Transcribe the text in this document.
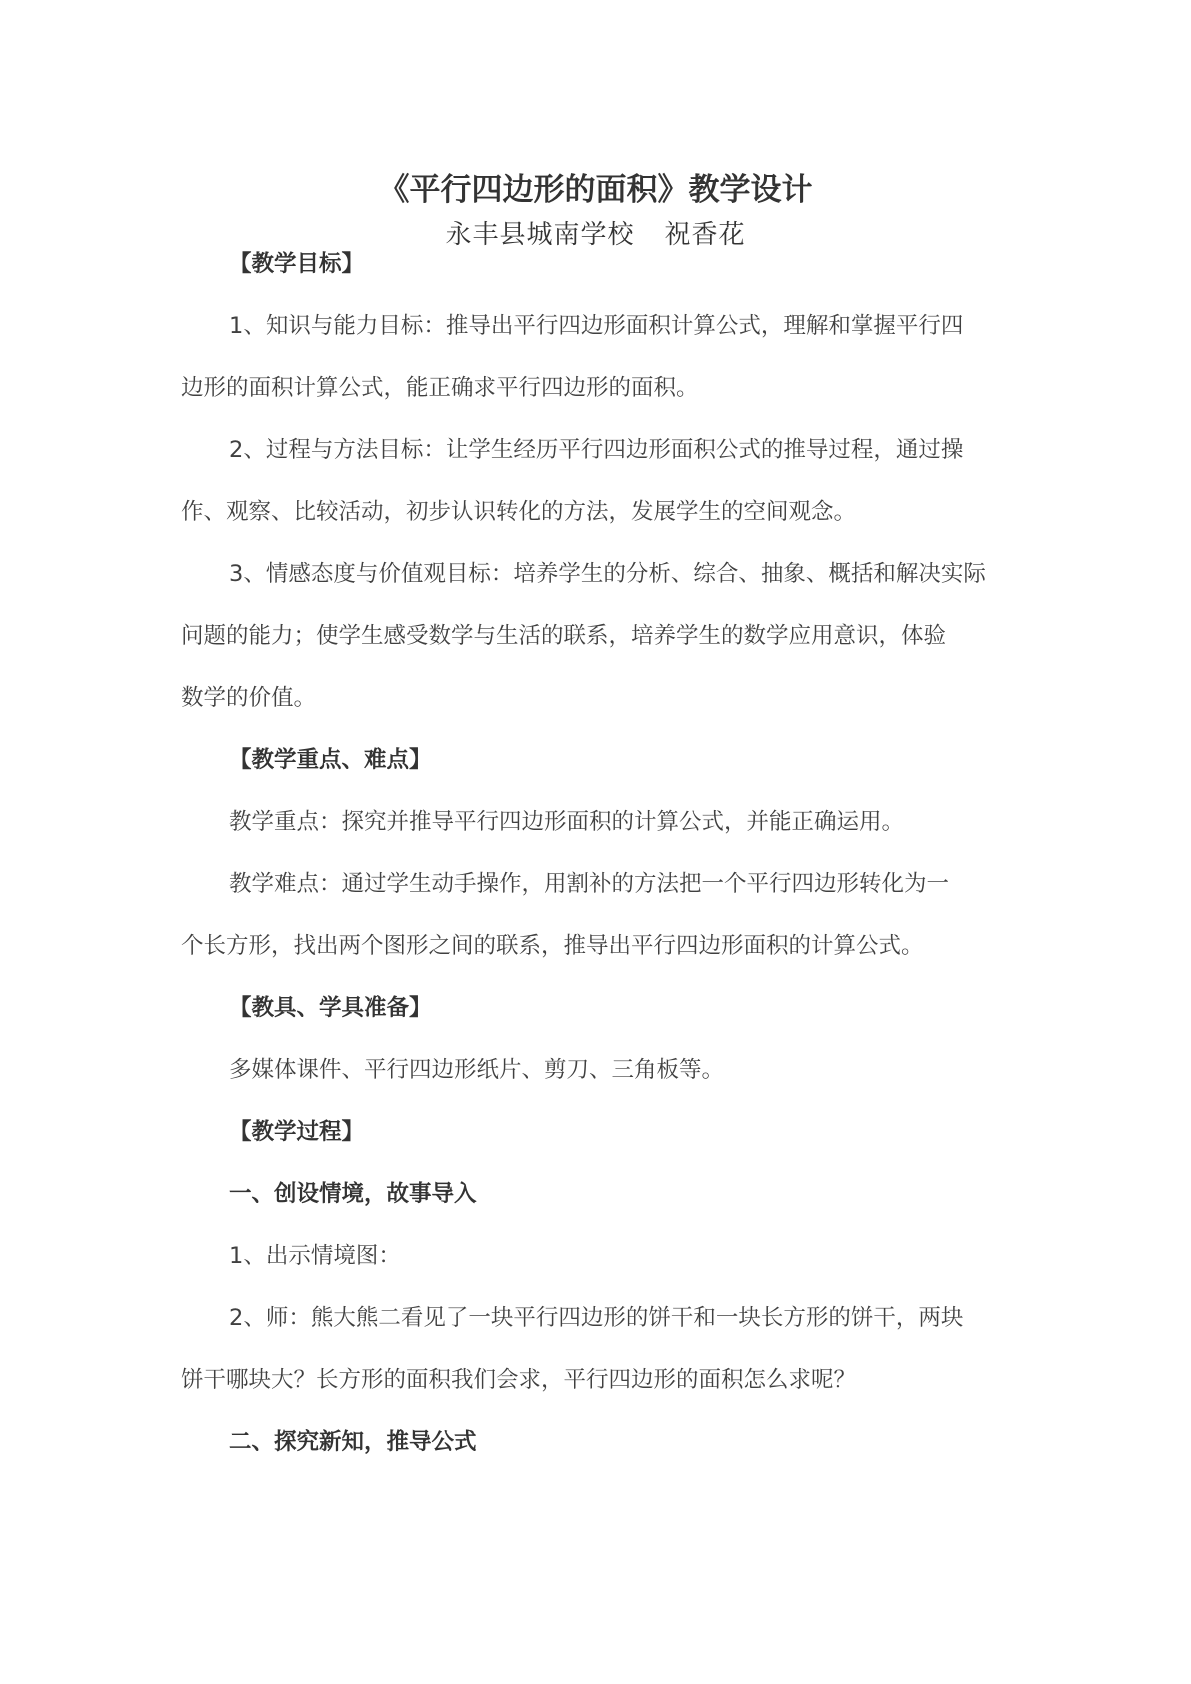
《平行四边形的面积》教学设计
永丰县城南学校 祝香花
【教学目标】
1、知识与能力目标：推导出平行四边形面积计算公式，理解和掌握平行四
边形的面积计算公式，能正确求平行四边形的面积。
2、过程与方法目标：让学生经历平行四边形面积公式的推导过程，通过操
作、观察、比较活动，初步认识转化的方法，发展学生的空间观念。
3、情感态度与价值观目标：培养学生的分析、综合、抽象、概括和解决实际
问题的能力；使学生感受数学与生活的联系，培养学生的数学应用意识，体验
数学的价值。
【教学重点、难点】
教学重点：探究并推导平行四边形面积的计算公式，并能正确运用。
教学难点：通过学生动手操作，用割补的方法把一个平行四边形转化为一
个长方形，找出两个图形之间的联系，推导出平行四边形面积的计算公式。
【教具、学具准备】
多媒体课件、平行四边形纸片、剪刀、三角板等。
【教学过程】
一、创设情境，故事导入
1、出示情境图：
2、师：熊大熊二看见了一块平行四边形的饼干和一块长方形的饼干，两块
饼干哪块大？长方形的面积我们会求，平行四边形的面积怎么求呢？
二、探究新知，推导公式
